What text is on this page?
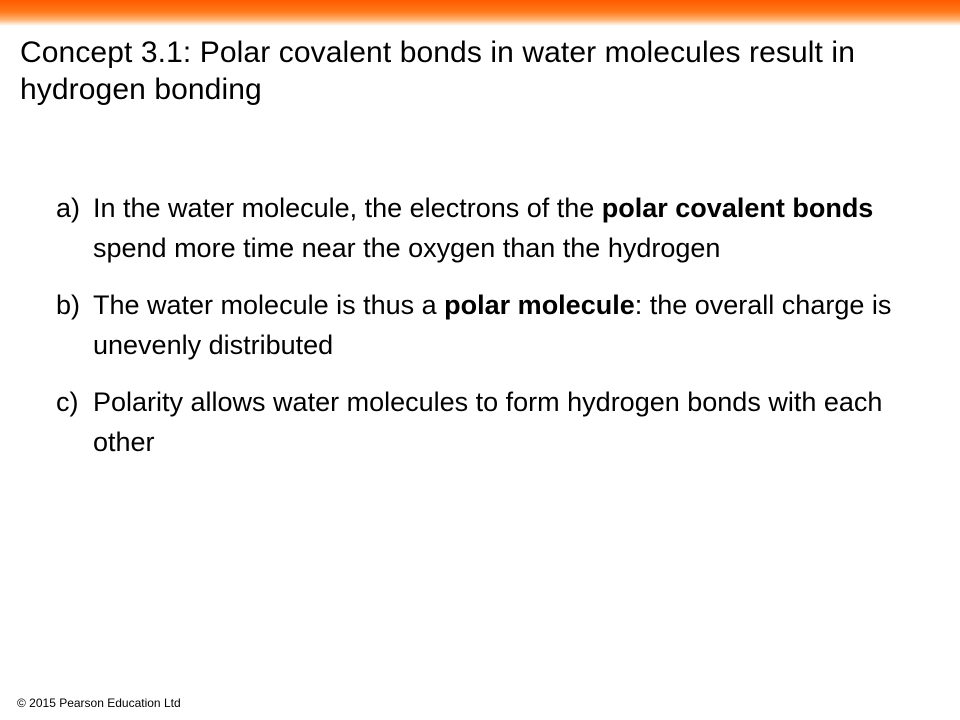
Concept 3.1: Polar covalent bonds in water molecules result in hydrogen bonding
a) In the water molecule, the electrons of the polar covalent bonds spend more time near the oxygen than the hydrogen
b) The water molecule is thus a polar molecule: the overall charge is unevenly distributed
c) Polarity allows water molecules to form hydrogen bonds with each other
© 2015 Pearson Education Ltd
